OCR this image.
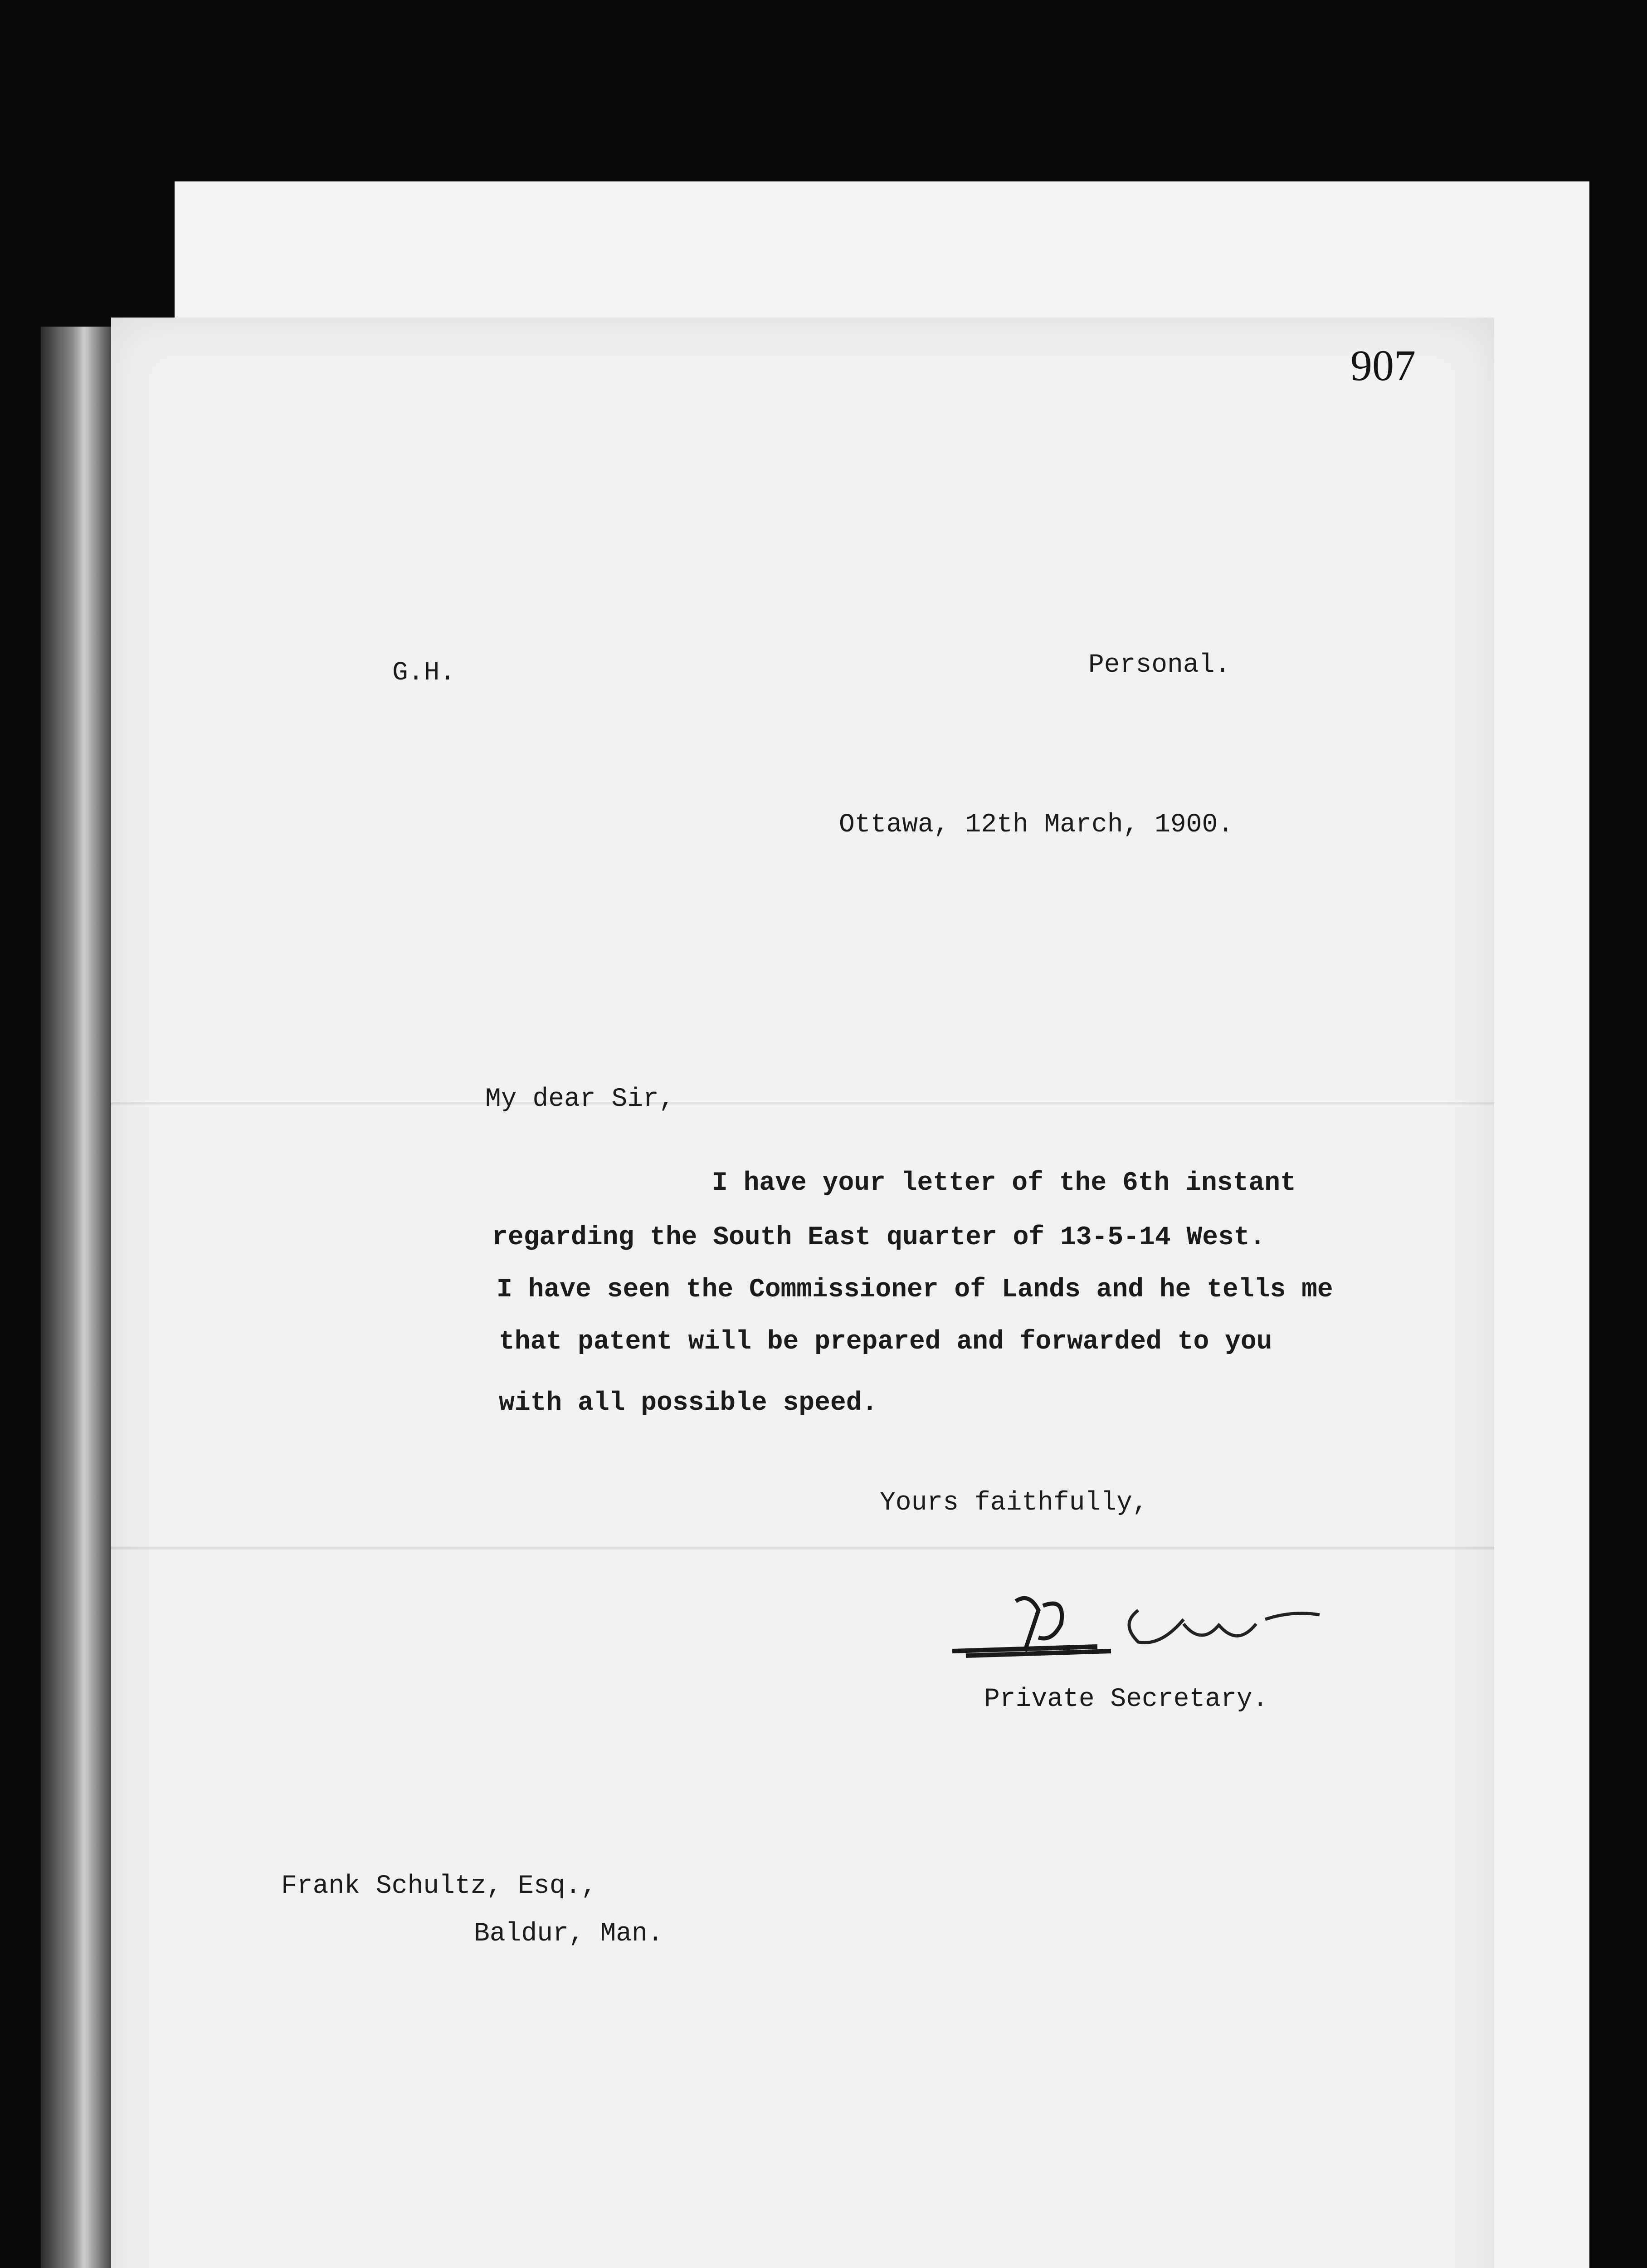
907
G.H.	Personal.
Ottawa, 12th March, 1900.
My dear Sir,
I have your letter of the 6th instant
regarding the South East quarter of 13-5-14 West.
I have seen the Commissioner of Lands and he tells me
that patent will be prepared and forwarded to you
with all possible speed.
Yours faithfully,
Private Secretary.
Frank Schultz, Esq.,
Baldur, Man.
